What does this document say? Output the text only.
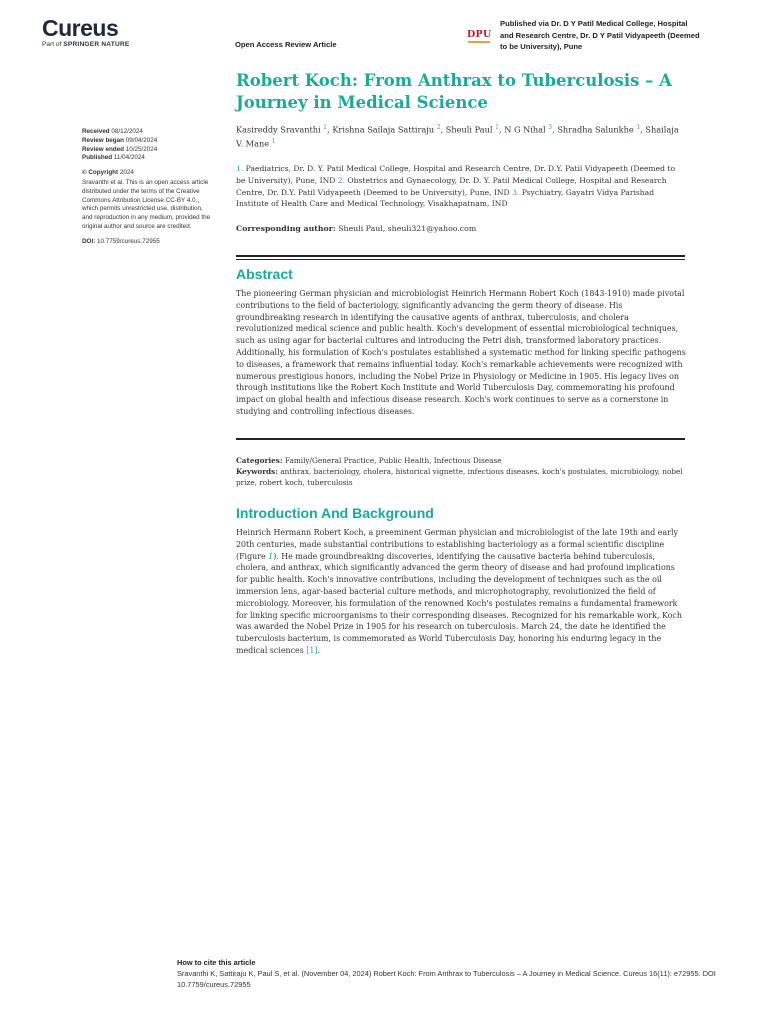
Cureus
Part of SPRINGER NATURE	Open Access Review Article
DPU
Published via Dr. D Y Patil Medical College, Hospital and Research Centre, Dr. D Y Patil Vidyapeeth (Deemed to be University), Pune
Robert Koch: From Anthrax to Tuberculosis – A Journey in Medical Science
Kasireddy Sravanthi $^1$, Krishna Sailaja Sattiraju $^2$, Sheuli Paul $^1$, N G Nihal $^3$, Shradha Salunkhe $^1$, Shailaja V. Mane $^1$
1. Paediatrics, Dr. D. Y. Patil Medical College, Hospital and Research Centre, Dr. D.Y. Patil Vidyapeeth (Deemed to be University), Pune, IND 2. Obstetrics and Gynaecology, Dr. D. Y. Patil Medical College, Hospital and Research Centre, Dr. D.Y. Patil Vidyapeeth (Deemed to be University), Pune, IND 3. Psychiatry, Gayatri Vidya Parishad Institute of Health Care and Medical Technology, Visakhapatnam, IND
Corresponding author: Sheuli Paul, sheuli321@yahoo.com
Received 08/12/2024
Review began 09/04/2024
Review ended 10/25/2024
Published 11/04/2024
© Copyright 2024
Sravanthi et al. This is an open access article distributed under the terms of the Creative Commons Attribution License CC-BY 4.0., which permits unrestricted use, distribution, and reproduction in any medium, provided the original author and source are credited.
DOI: 10.7759/cureus.72955
Abstract

The pioneering German physician and microbiologist Heinrich Hermann Robert Koch (1843-1910) made pivotal contributions to the field of bacteriology, significantly advancing the germ theory of disease. His groundbreaking research in identifying the causative agents of anthrax, tuberculosis, and cholera revolutionized medical science and public health. Koch's development of essential microbiological techniques, such as using agar for bacterial cultures and introducing the Petri dish, transformed laboratory practices. Additionally, his formulation of Koch's postulates established a systematic method for linking specific pathogens to diseases, a framework that remains influential today. Koch's remarkable achievements were recognized with numerous prestigious honors, including the Nobel Prize in Physiology or Medicine in 1905. His legacy lives on through institutions like the Robert Koch Institute and World Tuberculosis Day, commemorating his profound impact on global health and infectious disease research. Koch's work continues to serve as a cornerstone in studying and controlling infectious diseases.

Categories: Family/General Practice, Public Health, Infectious Disease
Keywords: anthrax, bacteriology, cholera, historical vignette, infectious diseases, koch's postulates, microbiology, nobel prize, robert koch, tuberculosis
Introduction And Background

Heinrich Hermann Robert Koch, a preeminent German physician and microbiologist of the late 19th and early 20th centuries, made substantial contributions to establishing bacteriology as a formal scientific discipline (Figure 1). He made groundbreaking discoveries, identifying the causative bacteria behind tuberculosis, cholera, and anthrax, which significantly advanced the germ theory of disease and had profound implications for public health. Koch's innovative contributions, including the development of techniques such as the oil immersion lens, agar-based bacterial culture methods, and microphotography, revolutionized the field of microbiology. Moreover, his formulation of the renowned Koch's postulates remains a fundamental framework for linking specific microorganisms to their corresponding diseases. Recognized for his remarkable work, Koch was awarded the Nobel Prize in 1905 for his research on tuberculosis. March 24, the date he identified the tuberculosis bacterium, is commemorated as World Tuberculosis Day, honoring his enduring legacy in the medical sciences [1].

How to cite this article
Sravanthi K, Sattiraju K, Paul S, et al. (November 04, 2024) Robert Koch: From Anthrax to Tuberculosis – A Journey in Medical Science. Cureus 16(11): e72955. DOI 10.7759/cureus.72955
